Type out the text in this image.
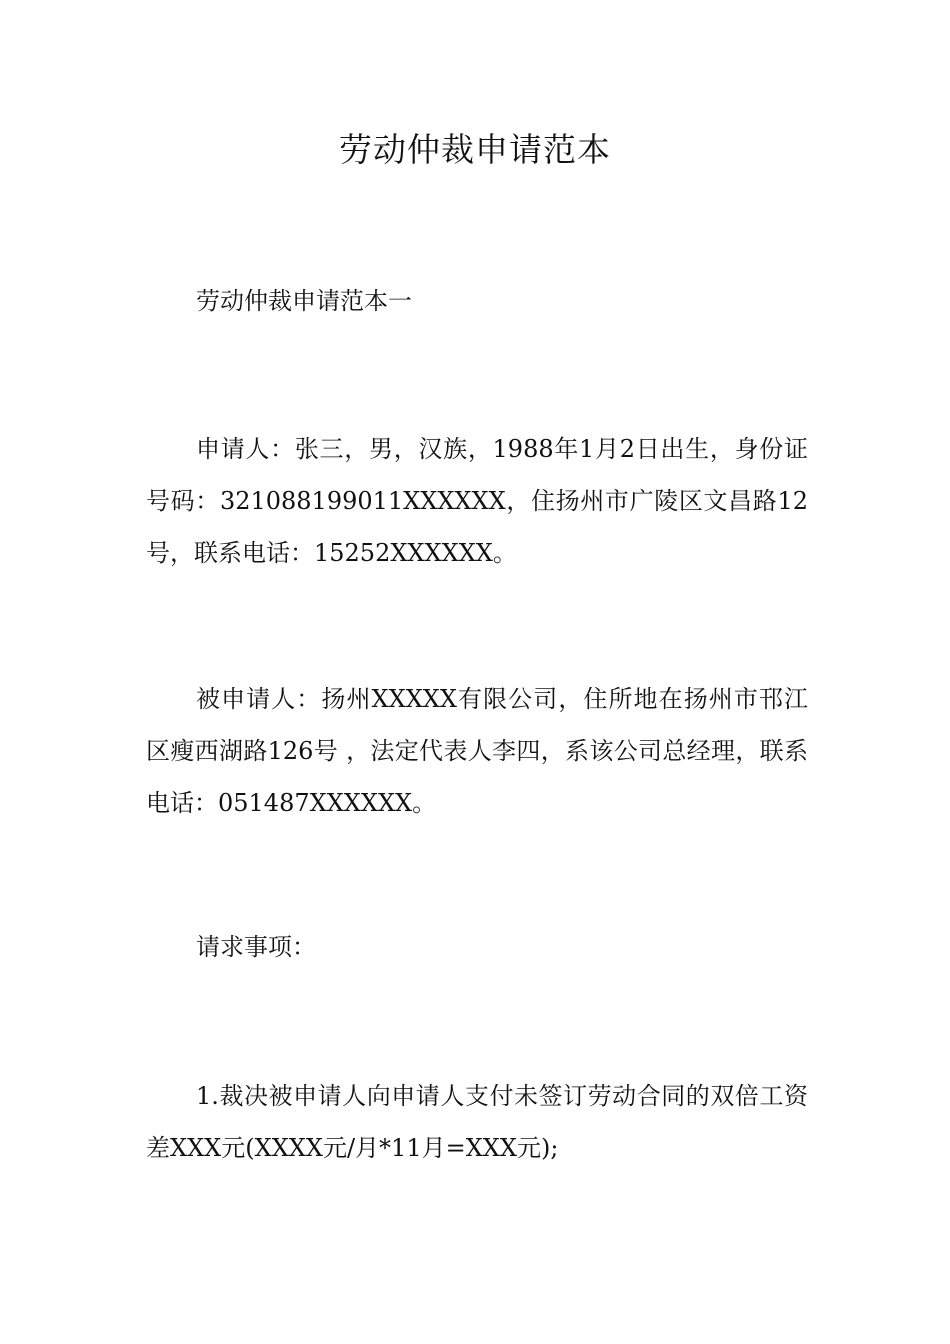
劳动仲裁申请范本

劳动仲裁申请范本一

申请人：张三，男，汉族，1988年1月2日出生，身份证号码：321088199011XXXXXX，住扬州市广陵区文昌路12号，联系电话：15252XXXXXX。

被申请人：扬州XXXXX有限公司，住所地在扬州市邗江区瘦西湖路126号 ，法定代表人李四，系该公司总经理，联系电话：051487XXXXXX。

请求事项：

1.裁决被申请人向申请人支付未签订劳动合同的双倍工资差XXX元(XXXX元/月*11月=XXX元);
